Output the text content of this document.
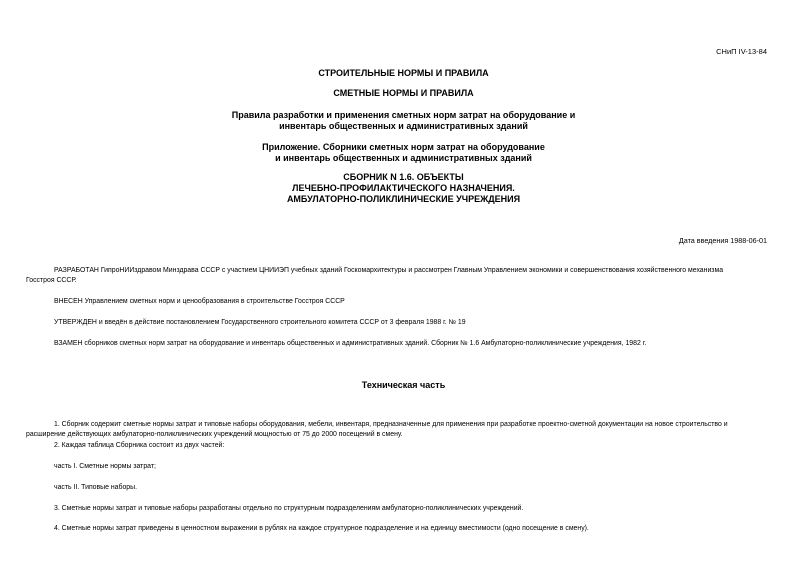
СНиП IV-13-84
СТРОИТЕЛЬНЫЕ НОРМЫ И ПРАВИЛА
СМЕТНЫЕ НОРМЫ И ПРАВИЛА
Правила разработки и применения сметных норм затрат на оборудование и
инвентарь общественных и административных зданий
Приложение. Сборники сметных норм затрат на оборудование
и инвентарь общественных и административных зданий
СБОРНИК N 1.6. ОБЪЕКТЫ
ЛЕЧЕБНО-ПРОФИЛАКТИЧЕСКОГО НАЗНАЧЕНИЯ.
АМБУЛАТОРНО-ПОЛИКЛИНИЧЕСКИЕ УЧРЕЖДЕНИЯ
Дата введения 1988-06-01
РАЗРАБОТАН ГипроНИИздравом Минздрава СССР с участием ЦНИИЭП учебных зданий Госкомархитектуры и рассмотрен Главным Управлением экономики и совершенствования хозяйственного механизма
Госстроя СССР.
ВНЕСЕН Управлением сметных норм и ценообразования в строительстве Госстроя СССР
УТВЕРЖДЕН и введён в действие постановлением Государственного строительного комитета СССР от 3 февраля 1988 г. № 19
ВЗАМЕН сборников сметных норм затрат на оборудование и инвентарь общественных и административных зданий. Сборник № 1.6 Амбулаторно-поликлинические учреждения, 1982 г.
Техническая часть
1. Сборник содержит сметные нормы затрат и типовые наборы оборудования, мебели, инвентаря, предназначенные для применения при разработке проектно-сметной документации на новое строительство и
расширение действующих амбулаторно-поликлинических учреждений мощностью от 75 до 2000 посещений в смену.
2. Каждая таблица Сборника состоит из двух частей:
часть I. Сметные нормы затрат;
часть II. Типовые наборы.
3. Сметные нормы затрат и типовые наборы разработаны отдельно по структурным подразделениям амбулаторно-поликлинических учреждений.
4. Сметные нормы затрат приведены в ценностном выражении в рублях на каждое структурное подразделение и на единицу вместимости (одно посещение в смену).
